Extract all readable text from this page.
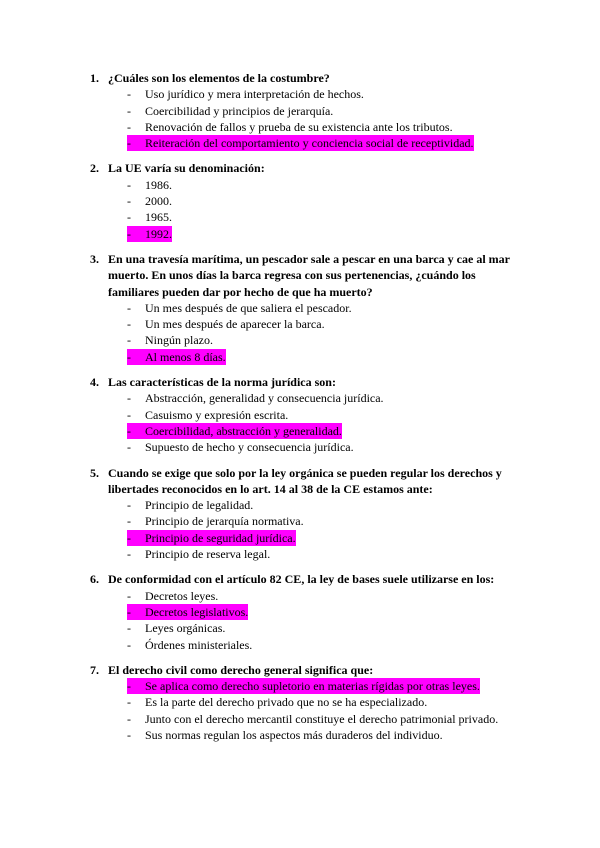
1. ¿Cuáles son los elementos de la costumbre?
- Uso jurídico y mera interpretación de hechos.
- Coercibilidad y principios de jerarquía.
- Renovación de fallos y prueba de su existencia ante los tributos.
- Reiteración del comportamiento y conciencia social de receptividad.
2. La UE varía su denominación:
- 1986.
- 2000.
- 1965.
- 1992.
3. En una travesía marítima, un pescador sale a pescar en una barca y cae al mar muerto. En unos días la barca regresa con sus pertenencias, ¿cuándo los familiares pueden dar por hecho de que ha muerto?
- Un mes después de que saliera el pescador.
- Un mes después de aparecer la barca.
- Ningún plazo.
- Al menos 8 días.
4. Las características de la norma jurídica son:
- Abstracción, generalidad y consecuencia jurídica.
- Casuismo y expresión escrita.
- Coercibilidad, abstracción y generalidad.
- Supuesto de hecho y consecuencia jurídica.
5. Cuando se exige que solo por la ley orgánica se pueden regular los derechos y libertades reconocidos en lo art. 14 al 38 de la CE estamos ante:
- Principio de legalidad.
- Principio de jerarquía normativa.
- Principio de seguridad jurídica.
- Principio de reserva legal.
6. De conformidad con el artículo 82 CE, la ley de bases suele utilizarse en los:
- Decretos leyes.
- Decretos legislativos.
- Leyes orgánicas.
- Órdenes ministeriales.
7. El derecho civil como derecho general significa que:
- Se aplica como derecho supletorio en materias rígidas por otras leyes.
- Es la parte del derecho privado que no se ha especializado.
- Junto con el derecho mercantil constituye el derecho patrimonial privado.
- Sus normas regulan los aspectos más duraderos del individuo.
